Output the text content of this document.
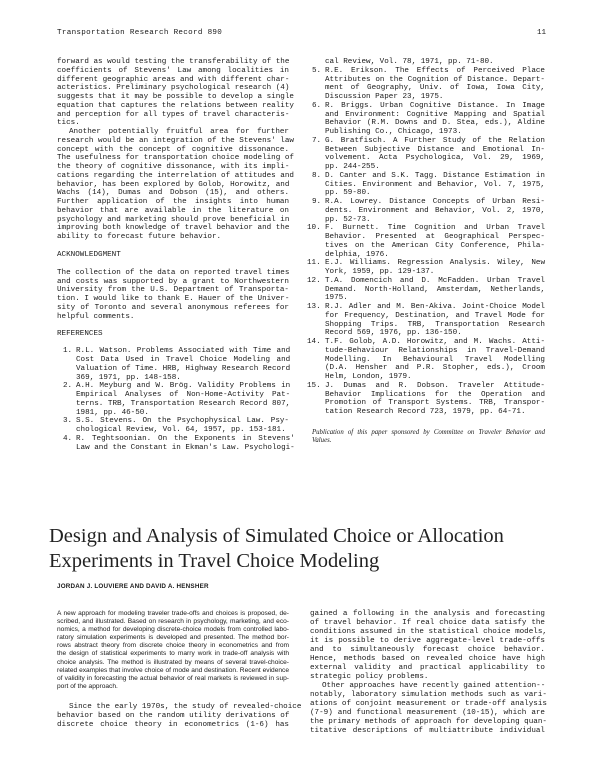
Transportation Research Record 890	11
forward as would testing the transferability of the
coefficients of Stevens' Law among localities in
different geographic areas and with different char-
acteristics. Preliminary psychological research (4)
suggests that it may be possible to develop a single
equation that captures the relations between reality
and perception for all types of travel characteris-
tics.
Another potentially fruitful area for further
research would be an integration of the Stevens' law
concept with the concept of cognitive dissonance.
The usefulness for transportation choice modeling of
the theory of cognitive dissonance, with its impli-
cations regarding the interrelation of attitudes and
behavior, has been explored by Golob, Horowitz, and
Wachs (14), Dumas and Dobson (15), and others.
Further application of the insights into human
behavior that are available in the literature on
psychology and marketing should prove beneficial in
improving both knowledge of travel behavior and the
ability to forecast future behavior.
ACKNOWLEDGMENT
The collection of the data on reported travel times
and costs was supported by a grant to Northwestern
University from the U.S. Department of Transporta-
tion. I would like to thank E. Hauer of the Univer-
sity of Toronto and several anonymous referees for
helpful comments.
REFERENCES
1. R.L. Watson. Problems Associated with Time and
Cost Data Used in Travel Choice Modeling and
Valuation of Time. HRB, Highway Research Record
369, 1971, pp. 148-158.
2. A.H. Meyburg and W. Brög. Validity Problems in
Empirical Analyses of Non-Home-Activity Pat-
terns. TRB, Transportation Research Record 807,
1981, pp. 46-50.
3. S.S. Stevens. On the Psychophysical Law. Psy-
chological Review, Vol. 64, 1957, pp. 153-181.
4. R. Teghtsoonian. On the Exponents in Stevens'
Law and the Constant in Ekman's Law. Psychologi-
cal Review, Vol. 78, 1971, pp. 71-80.
5. R.E. Erikson. The Effects of Perceived Place
Attributes on the Cognition of Distance. Depart-
ment of Geography, Univ. of Iowa, Iowa City,
Discussion Paper 23, 1975.
6. R. Briggs. Urban Cognitive Distance. In Image
and Environment: Cognitive Mapping and Spatial
Behavior (R.M. Downs and D. Stea, eds.), Aldine
Publishing Co., Chicago, 1973.
7. G. Bratfisch. A Further Study of the Relation
Between Subjective Distance and Emotional In-
volvement. Acta Psychologica, Vol. 29, 1969,
pp. 244-255.
8. D. Canter and S.K. Tagg. Distance Estimation in
Cities. Environment and Behavior, Vol. 7, 1975,
pp. 59-80.
9. R.A. Lowrey. Distance Concepts of Urban Resi-
dents. Environment and Behavior, Vol. 2, 1970,
pp. 52-73.
10. F. Burnett. Time Cognition and Urban Travel
Behavior. Presented at Geographical Perspec-
tives on the American City Conference, Phila-
delphia, 1976.
11. E.J. Williams. Regression Analysis. Wiley, New
York, 1959, pp. 129-137.
12. T.A. Domencich and D. McFadden. Urban Travel
Demand. North-Holland, Amsterdam, Netherlands,
1975.
13. R.J. Adler and M. Ben-Akiva. Joint-Choice Model
for Frequency, Destination, and Travel Mode for
Shopping Trips. TRB, Transportation Research
Record 569, 1976, pp. 136-150.
14. T.F. Golob, A.D. Horowitz, and M. Wachs. Atti-
tude-Behaviour Relationships in Travel-Demand
Modelling. In Behavioural Travel Modelling
(D.A. Hensher and P.R. Stopher, eds.), Croom
Helm, London, 1979.
15. J. Dumas and R. Dobson. Traveler Attitude-
Behavior Implications for the Operation and
Promotion of Transport Systems. TRB, Transpor-
tation Research Record 723, 1979, pp. 64-71.
Publication of this paper sponsored by Committee on Traveler Behavior and
Values.
Design and Analysis of Simulated Choice or Allocation
Experiments in Travel Choice Modeling
JORDAN J. LOUVIERE AND DAVID A. HENSHER
A new approach for modeling traveler trade-offs and choices is proposed, de-
scribed, and illustrated. Based on research in psychology, marketing, and eco-
nomics, a method for developing discrete-choice models from controlled labo-
ratory simulation experiments is developed and presented. The method bor-
rows abstract theory from discrete choice theory in econometrics and from
the design of statistical experiments to marry work in trade-off analysis with
choice analysis. The method is illustrated by means of several travel-choice-
related examples that involve choice of mode and destination. Recent evidence
of validity in forecasting the actual behavior of real markets is reviewed in sup-
port of the approach.
Since the early 1970s, the study of revealed-choice
behavior based on the random utility derivations of
discrete choice theory in econometrics (1-6) has
gained a following in the analysis and forecasting
of travel behavior. If real choice data satisfy the
conditions assumed in the statistical choice models,
it is possible to derive aggregate-level trade-offs
and to simultaneously forecast choice behavior.
Hence, methods based on revealed choice have high
external validity and practical applicability to
strategic policy problems.
Other approaches have recently gained attention--
notably, laboratory simulation methods such as vari-
ations of conjoint measurement or trade-off analysis
(7-9) and functional measurement (10-15), which are
the primary methods of approach for developing quan-
titative descriptions of multiattribute individual
